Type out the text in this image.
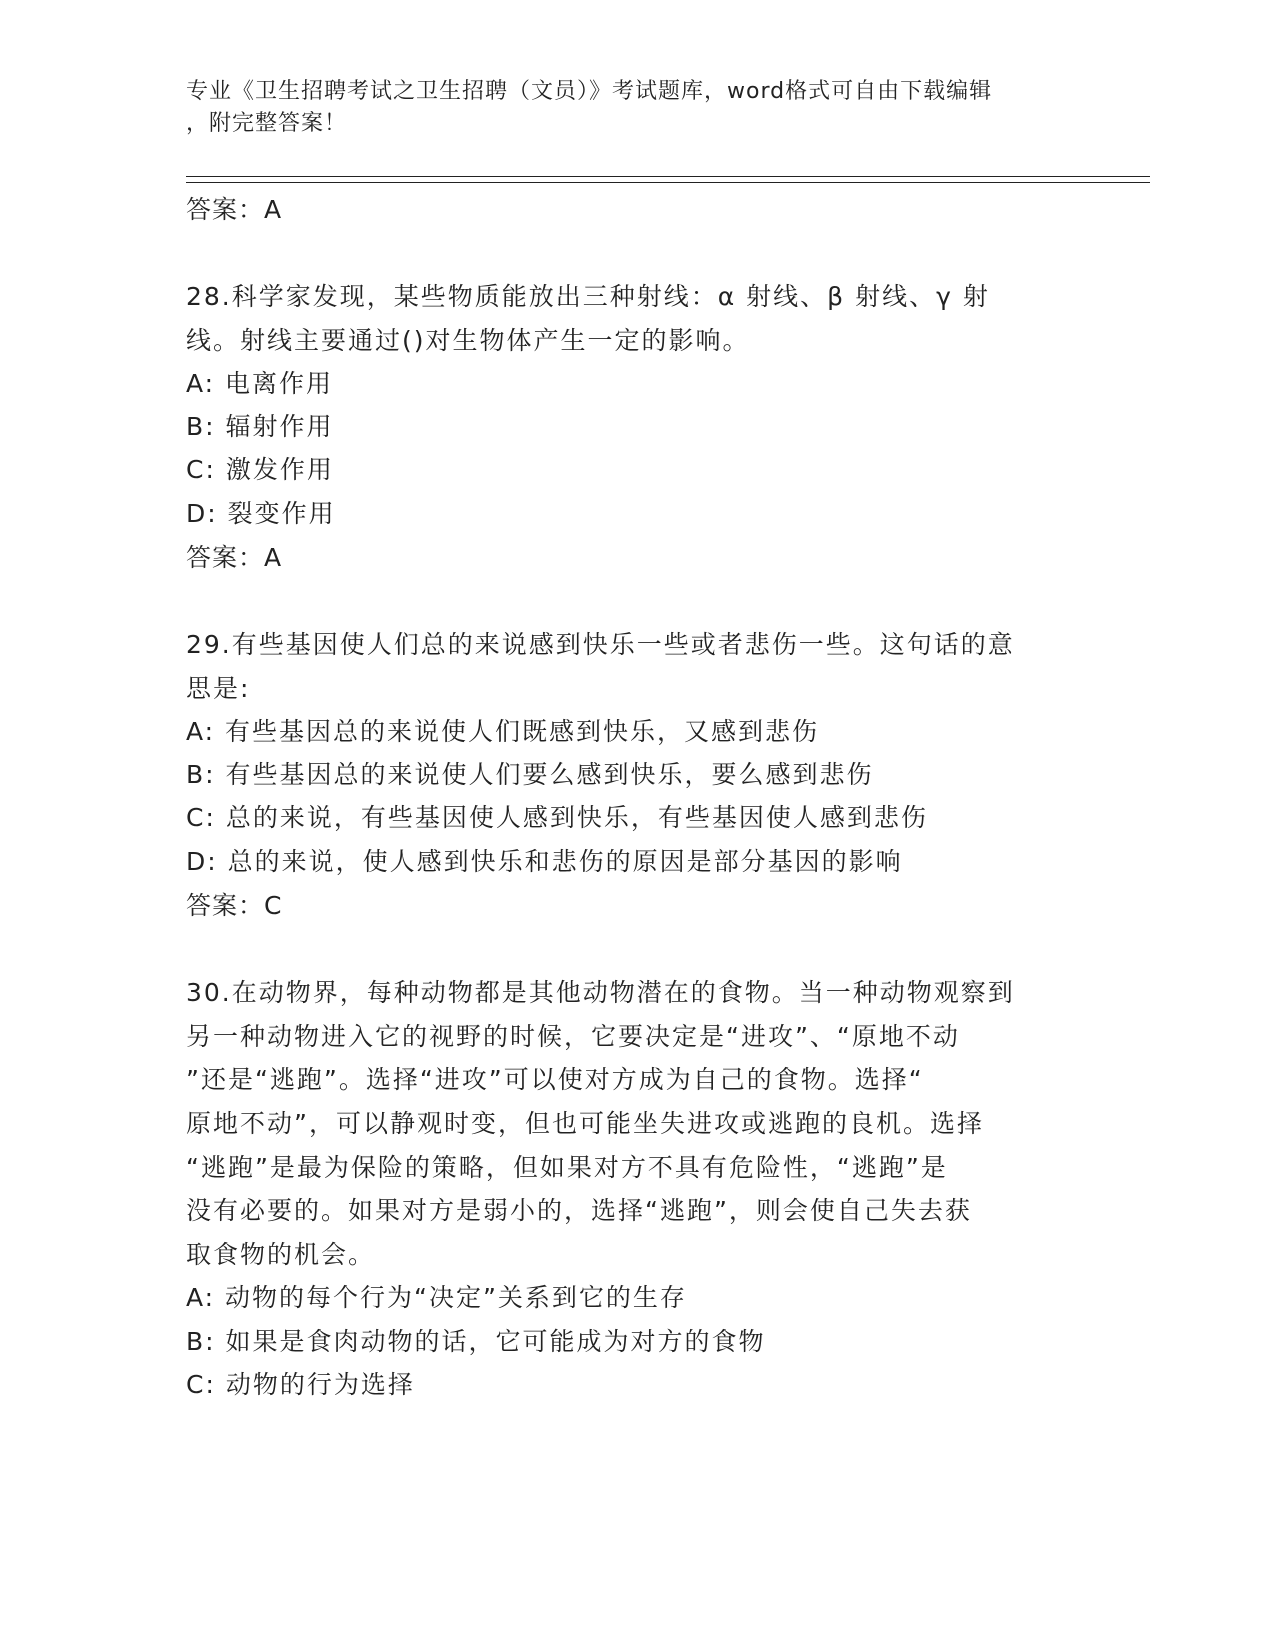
专业《卫生招聘考试之卫生招聘（文员）》考试题库，word格式可自由下载编辑
，附完整答案！
答案：A
28.科学家发现，某些物质能放出三种射线：α 射线、β 射线、γ 射
线。射线主要通过()对生物体产生一定的影响。
A: 电离作用
B: 辐射作用
C: 激发作用
D: 裂变作用
答案：A
29.有些基因使人们总的来说感到快乐一些或者悲伤一些。这句话的意
思是:
A: 有些基因总的来说使人们既感到快乐，又感到悲伤
B: 有些基因总的来说使人们要么感到快乐，要么感到悲伤
C: 总的来说，有些基因使人感到快乐，有些基因使人感到悲伤
D: 总的来说，使人感到快乐和悲伤的原因是部分基因的影响
答案：C
30.在动物界，每种动物都是其他动物潜在的食物。当一种动物观察到
另一种动物进入它的视野的时候，它要决定是“进攻”、“原地不动
”还是“逃跑”。选择“进攻”可以使对方成为自己的食物。选择“
原地不动”，可以静观时变，但也可能坐失进攻或逃跑的良机。选择
“逃跑”是最为保险的策略，但如果对方不具有危险性，“逃跑”是
没有必要的。如果对方是弱小的，选择“逃跑”，则会使自己失去获
取食物的机会。
A: 动物的每个行为“决定”关系到它的生存
B: 如果是食肉动物的话，它可能成为对方的食物
C: 动物的行为选择
